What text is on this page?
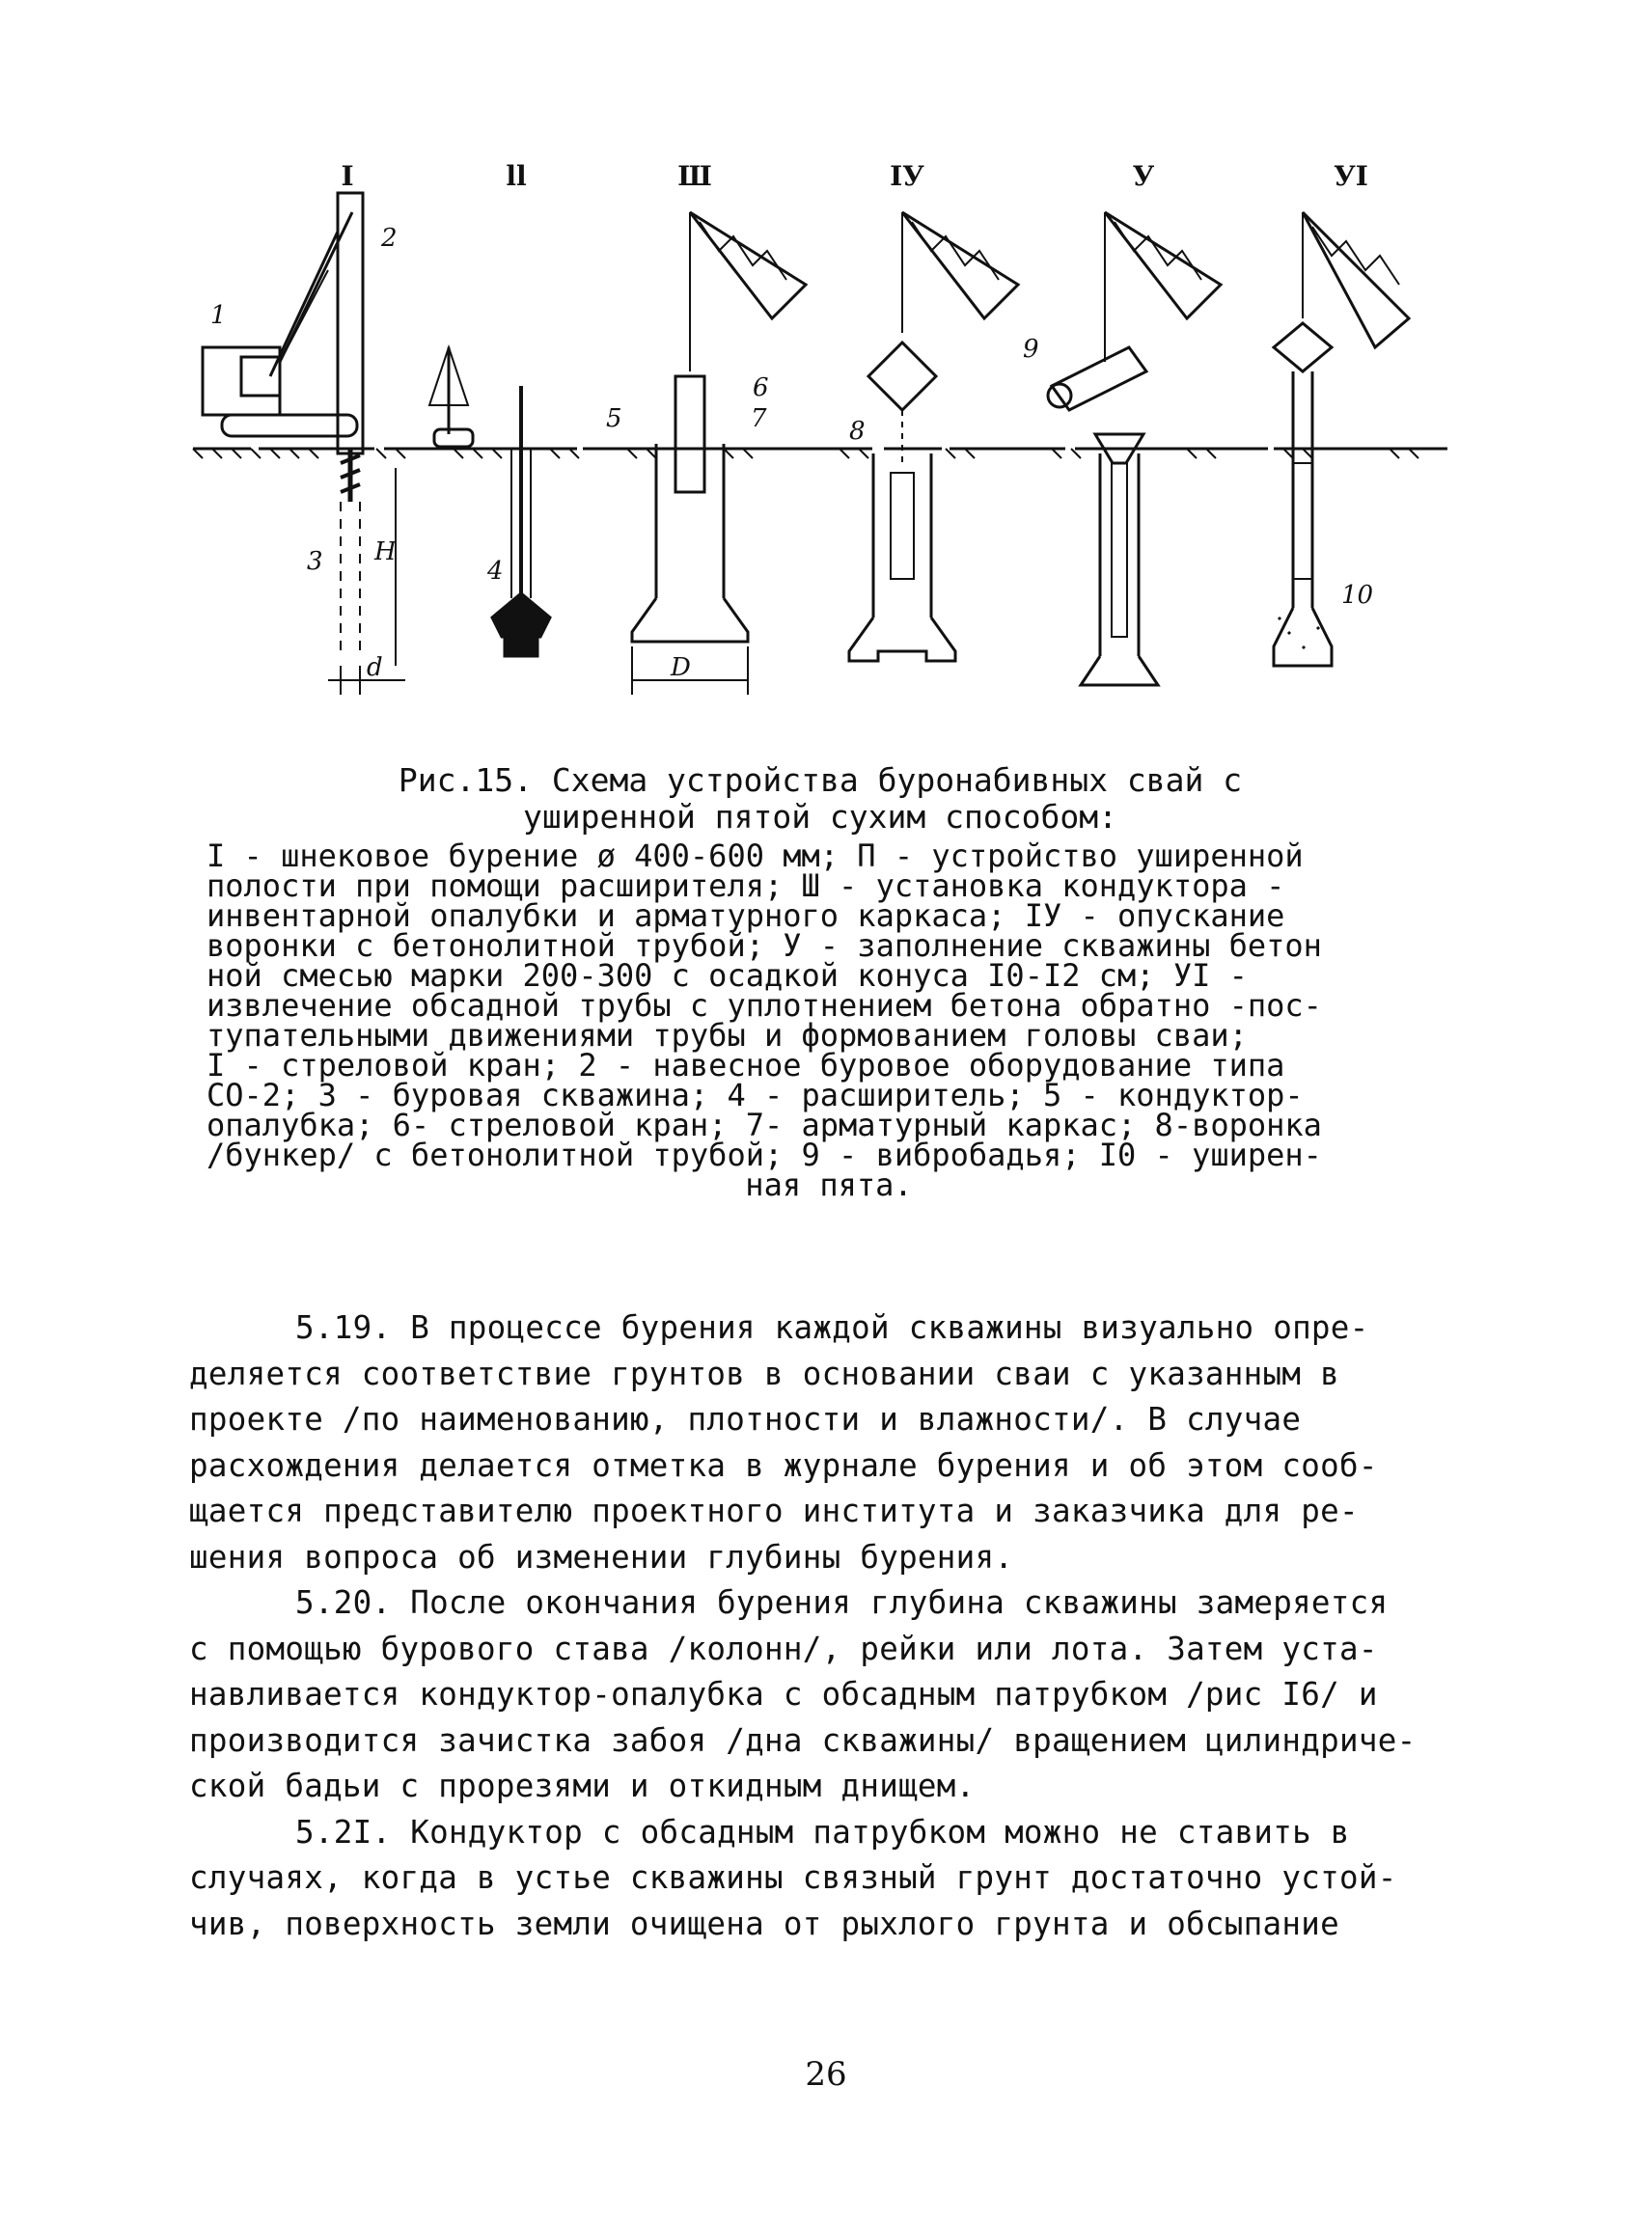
I	ll	Ш	IУ	У	УI
1
2
3 H
d
4
5
6
7
D
8
9
10
Рис.15. Схема устройства буронабивных свай с
уширенной пятой сухим способом:
I - шнековое бурение ø 400-600 мм; П - устройство уширенной
полости при помощи расширителя; Ш - установка кондуктора -
инвентарной опалубки и арматурного каркаса; IУ - опускание
воронки с бетонолитной трубой; У - заполнение скважины бетон
ной смесью марки 200-300 с осадкой конуса I0-I2 см; УI -
извлечение обсадной трубы с уплотнением бетона обратно -пос-
тупательными движениями трубы и формованием головы сваи;
I - стреловой кран; 2 - навесное буровое оборудование типа
СО-2; 3 - буровая скважина; 4 - расширитель; 5 - кондуктор-
опалубка; 6- стреловой кран; 7- арматурный каркас; 8-воронка
/бункер/ с бетонолитной трубой; 9 - вибробадья; I0 - уширен-
ная пята.
5.19. В процессе бурения каждой скважины визуально опре-
деляется соответствие грунтов в основании сваи с указанным в
проекте /по наименованию, плотности и влажности/. В случае
расхождения делается отметка в журнале бурения и об этом сооб-
щается представителю проектного института и заказчика для ре-
шения вопроса об изменении глубины бурения.
5.20. После окончания бурения глубина скважины замеряется
с помощью бурового става /колонн/, рейки или лота. Затем уста-
навливается кондуктор-опалубка с обсадным патрубком /рис I6/ и
производится зачистка забоя /дна скважины/ вращением цилиндриче-
ской бадьи с прорезями и откидным днищем.
5.2I. Кондуктор с обсадным патрубком можно не ставить в
случаях, когда в устье скважины связный грунт достаточно устой-
чив, поверхность земли очищена от рыхлого грунта и обсыпание
26
